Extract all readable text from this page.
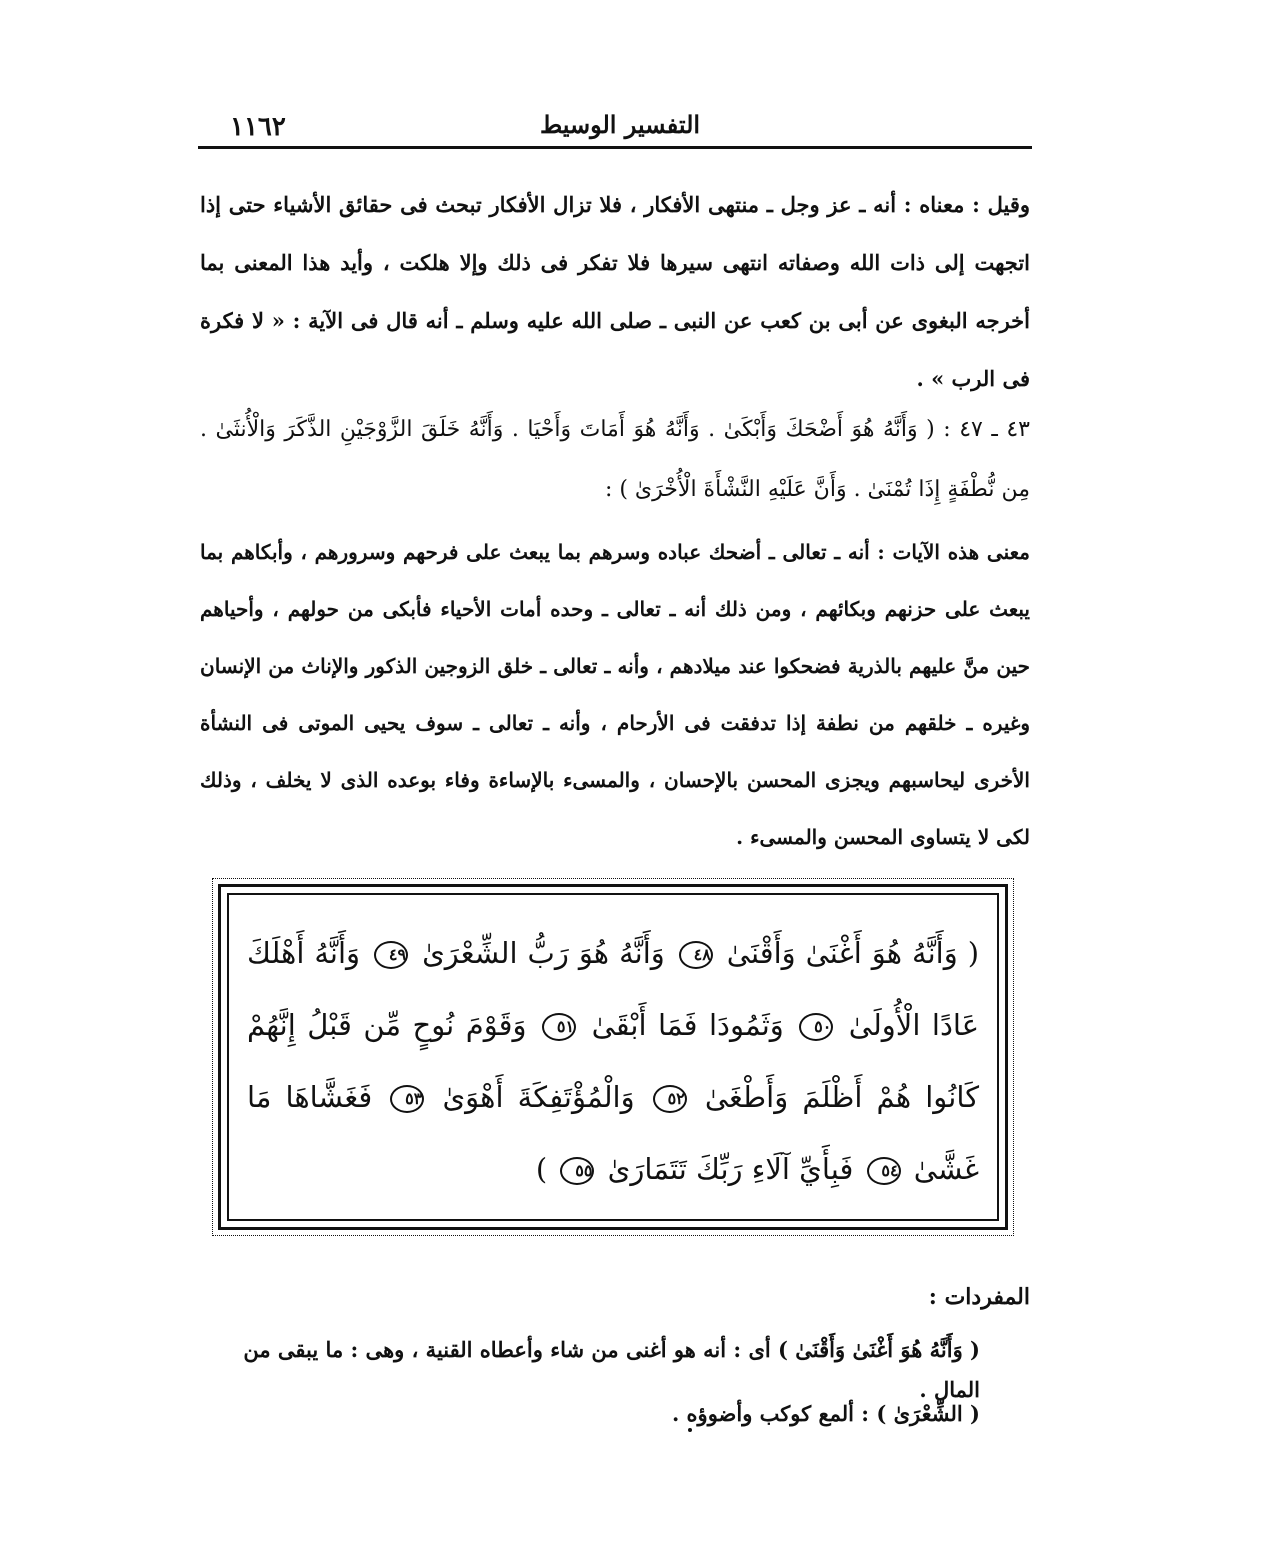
١١٦٢	التفسير الوسيط
وقيل : معناه : أنه ـ عز وجل ـ منتهى الأفكار ، فلا تزال الأفكار تبحث فى حقائق الأشياء حتى إذا اتجهت إلى ذات الله وصفاته انتهى سيرها فلا تفكر فى ذلك وإلا هلكت ، وأيد هذا المعنى بما أخرجه البغوى عن أبى بن كعب عن النبى ـ صلى الله عليه وسلم ـ أنه قال فى الآية : « لا فكرة فى الرب » .
٤٣ ـ ٤٧ : ( وَأَنَّهُ هُوَ أَضْحَكَ وَأَبْكَىٰ . وَأَنَّهُ هُوَ أَمَاتَ وَأَحْيَا . وَأَنَّهُ خَلَقَ الزَّوْجَيْنِ الذَّكَرَ وَالْأُنثَىٰ . مِن نُّطْفَةٍ إِذَا تُمْنَىٰ . وَأَنَّ عَلَيْهِ النَّشْأَةَ الْأُخْرَىٰ ) :
معنى هذه الآيات : أنه ـ تعالى ـ أضحك عباده وسرهم بما يبعث على فرحهم وسرورهم ، وأبكاهم بما يبعث على حزنهم وبكائهم ، ومن ذلك أنه ـ تعالى ـ وحده أمات الأحياء فأبكى من حولهم ، وأحياهم حين منَّ عليهم بالذرية فضحكوا عند ميلادهم ، وأنه ـ تعالى ـ خلق الزوجين الذكور والإناث من الإنسان وغيره ـ خلقهم من نطفة إذا تدفقت فى الأرحام ، وأنه ـ تعالى ـ سوف يحيى الموتى فى النشأة الأخرى ليحاسبهم ويجزى المحسن بالإحسان ، والمسىء بالإساءة وفاء بوعده الذى لا يخلف ، وذلك لكى لا يتساوى المحسن والمسىء .
( وَأَنَّهُ هُوَ أَغْنَىٰ وَأَقْنَىٰ ٤٨ وَأَنَّهُ هُوَ رَبُّ الشِّعْرَىٰ ٤٩ وَأَنَّهُ أَهْلَكَ عَادًا الْأُولَىٰ ٥٠ وَثَمُودَا فَمَا أَبْقَىٰ ٥١ وَقَوْمَ نُوحٍ مِّن قَبْلُ إِنَّهُمْ كَانُوا هُمْ أَظْلَمَ وَأَطْغَىٰ ٥٢ وَالْمُؤْتَفِكَةَ أَهْوَىٰ ٥٣ فَغَشَّاهَا مَا غَشَّىٰ ٥٤ فَبِأَيِّ آلَاءِ رَبِّكَ تَتَمَارَىٰ ٥٥ )
المفردات :
( وَأَنَّهُ هُوَ أَغْنَىٰ وَأَقْنَىٰ ) أى : أنه هو أغنى من شاء وأعطاه القنية ، وهى : ما يبقى من المال .
( الشِّعْرَىٰ ) : ألمع كوكب وأضوؤه .
